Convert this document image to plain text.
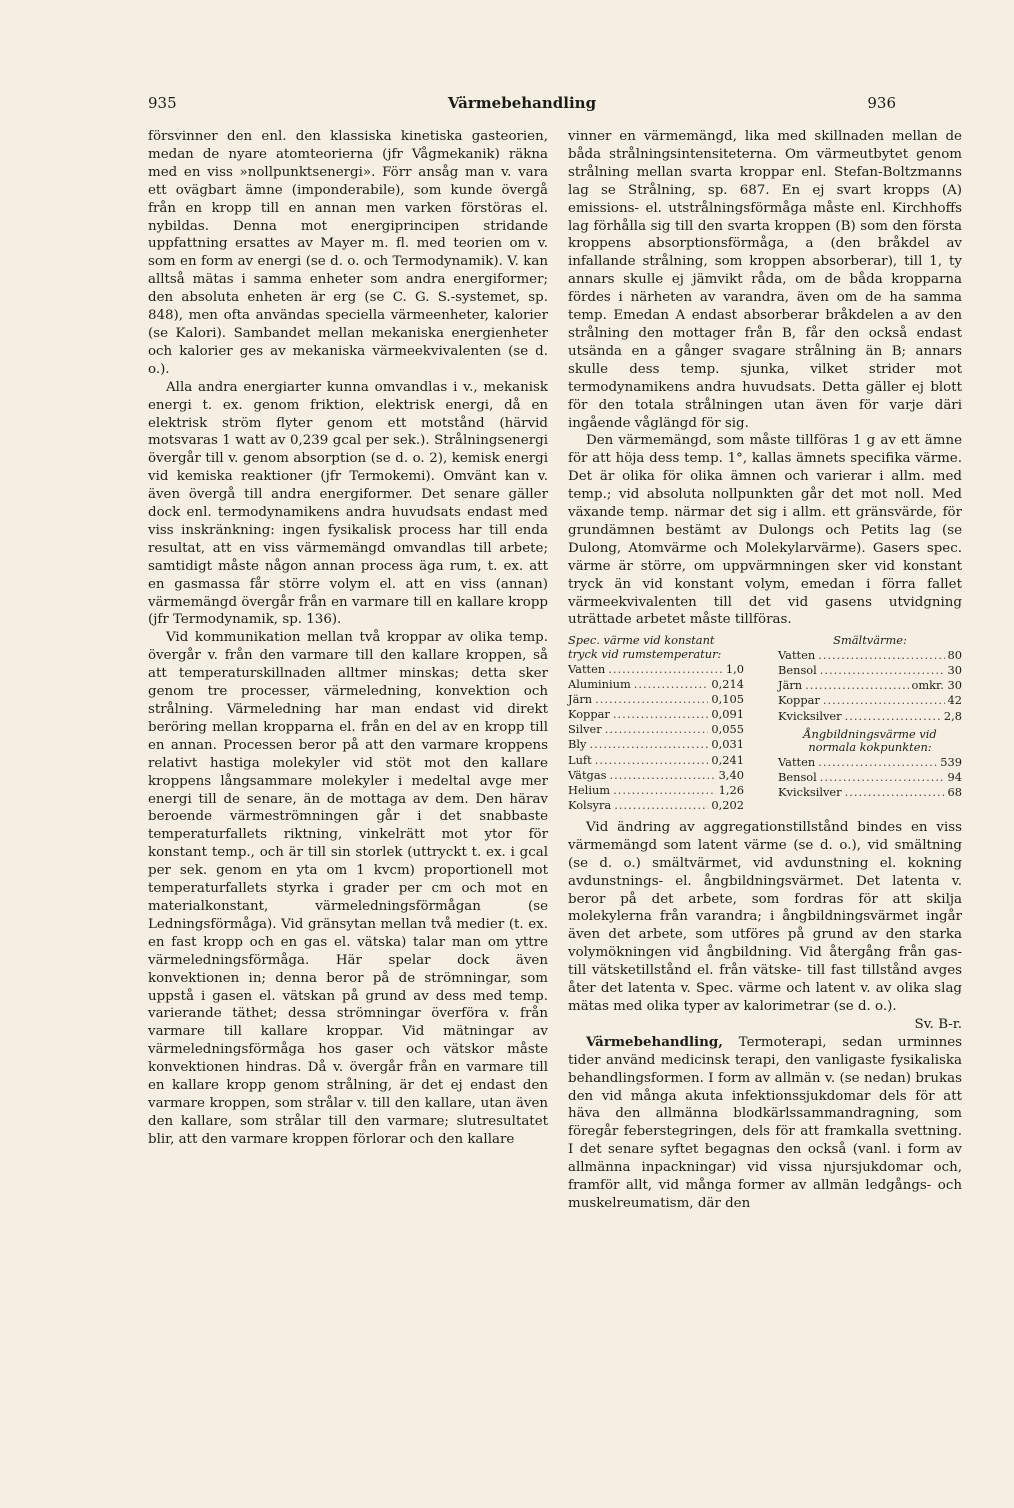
935	Värmebehandling	936

försvinner den enl. den klassiska kinetiska gasteorien, medan de nyare atomteorierna (jfr Vågmekanik) räkna med en viss »nollpunktsenergi». Förr ansåg man v. vara ett ovägbart ämne (imponderabile), som kunde övergå från en kropp till en annan men varken förstöras el. nybildas. Denna mot energiprincipen stridande uppfattning ersattes av Mayer m. fl. med teorien om v. som en form av energi (se d. o. och Termodynamik). V. kan alltså mätas i samma enheter som andra energiformer; den absoluta enheten är erg (se C. G. S.-systemet, sp. 848), men ofta användas speciella värmeenheter, kalorier (se Kalori). Sambandet mellan mekaniska energienheter och kalorier ges av mekaniska värmeekvivalenten (se d. o.).

Alla andra energiarter kunna omvandlas i v., mekanisk energi t. ex. genom friktion, elektrisk energi, då en elektrisk ström flyter genom ett motstånd (härvid motsvaras 1 watt av 0,239 gcal per sek.). Strålningsenergi övergår till v. genom absorption (se d. o. 2), kemisk energi vid kemiska reaktioner (jfr Termokemi). Omvänt kan v. även övergå till andra energiformer. Det senare gäller dock enl. termodynamikens andra huvudsats endast med viss inskränkning: ingen fysikalisk process har till enda resultat, att en viss värmemängd omvandlas till arbete; samtidigt måste någon annan process äga rum, t. ex. att en gasmassa får större volym el. att en viss (annan) värmemängd övergår från en varmare till en kallare kropp (jfr Termodynamik, sp. 136).

Vid kommunikation mellan två kroppar av olika temp. övergår v. från den varmare till den kallare kroppen, så att temperaturskillnaden alltmer minskas; detta sker genom tre processer, värmeledning, konvektion och strålning. Värmeledning har man endast vid direkt beröring mellan kropparna el. från en del av en kropp till en annan. Processen beror på att den varmare kroppens relativt hastiga molekyler vid stöt mot den kallare kroppens långsammare molekyler i medeltal avge mer energi till de senare, än de mottaga av dem. Den härav beroende värmeströmningen går i det snabbaste temperaturfallets riktning, vinkelrätt mot ytor för konstant temp., och är till sin storlek (uttryckt t. ex. i gcal per sek. genom en yta om 1 kvcm) proportionell mot temperaturfallets styrka i grader per cm och mot en materialkonstant, värmeledningsförmågan (se Ledningsförmåga). Vid gränsytan mellan två medier (t. ex. en fast kropp och en gas el. vätska) talar man om yttre värmeledningsförmåga. Här spelar dock även konvektionen in; denna beror på de strömningar, som uppstå i gasen el. vätskan på grund av dess med temp. varierande täthet; dessa strömningar överföra v. från varmare till kallare kroppar. Vid mätningar av värmeledningsförmåga hos gaser och vätskor måste konvektionen hindras. Då v. övergår från en varmare till en kallare kropp genom strålning, är det ej endast den varmare kroppen, som strålar v. till den kallare, utan även den kallare, som strålar till den varmare; slutresultatet blir, att den varmare kroppen förlorar och den kallare

vinner en värmemängd, lika med skillnaden mellan de båda strålningsintensiteterna. Om värmeutbytet genom strålning mellan svarta kroppar enl. Stefan-Boltzmanns lag se Strålning, sp. 687. En ej svart kropps (A) emissions- el. utstrålningsförmåga måste enl. Kirchhoffs lag förhålla sig till den svarta kroppen (B) som den första kroppens absorptionsförmåga, a (den bråkdel av infallande strålning, som kroppen absorberar), till 1, ty annars skulle ej jämvikt råda, om de båda kropparna fördes i närheten av varandra, även om de ha samma temp. Emedan A endast absorberar bråkdelen a av den strålning den mottager från B, får den också endast utsända en a gånger svagare strålning än B; annars skulle dess temp. sjunka, vilket strider mot termodynamikens andra huvudsats. Detta gäller ej blott för den totala strålningen utan även för varje däri ingående våglängd för sig.

Den värmemängd, som måste tillföras 1 g av ett ämne för att höja dess temp. 1°, kallas ämnets specifika värme. Det är olika för olika ämnen och varierar i allm. med temp.; vid absoluta nollpunkten går det mot noll. Med växande temp. närmar det sig i allm. ett gränsvärde, för grundämnen bestämt av Dulongs och Petits lag (se Dulong, Atomvärme och Molekylarvärme). Gasers spec. värme är större, om uppvärmningen sker vid konstant tryck än vid konstant volym, emedan i förra fallet värmeekvivalenten till det vid gasens utvidgning uträttade arbetet måste tillföras.

Spec. värme vid konstant tryck vid rumstemperatur:
Vatten .....	1,0
Aluminium .....	0,214
Järn .....	0,105
Koppar .....	0,091
Silver .....	0,055
Bly .....	0,031
Luft .....	0,241
Vätgas .....	3,40
Helium .....	1,26
Kolsyra .....	0,202
Smältvärme:
Vatten .....	80
Bensol .....	30
Järn .....	omkr. 30
Koppar .....	42
Kvicksilver .....	2,8
Ångbildningsvärme vid normala kokpunkten:
Vatten .....	539
Bensol .....	94
Kvicksilver .....	68

Vid ändring av aggregationstillstånd bindes en viss värmemängd som latent värme (se d. o.), vid smältning (se d. o.) smältvärmet, vid avdunstning el. kokning avdunstnings- el. ångbildningsvärmet. Det latenta v. beror på det arbete, som fordras för att skilja molekylerna från varandra; i ångbildningsvärmet ingår även det arbete, som utföres på grund av den starka volymökningen vid ångbildning. Vid återgång från gas- till vätsketillstånd el. från vätske- till fast tillstånd avges åter det latenta v. Spec. värme och latent v. av olika slag mätas med olika typer av kalorimetrar (se d. o.).

Sv. B-r.

Värmebehandling, Termoterapi, sedan urminnes tider använd medicinsk terapi, den vanligaste fysikaliska behandlingsformen. I form av allmän v. (se nedan) brukas den vid många akuta infektionssjukdomar dels för att häva den allmänna blodkärlssammandragning, som föregår feberstegringen, dels för att framkalla svettning. I det senare syftet begagnas den också (vanl. i form av allmänna inpackningar) vid vissa njursjukdomar och, framför allt, vid många former av allmän ledgångs- och muskelreumatism, där den
